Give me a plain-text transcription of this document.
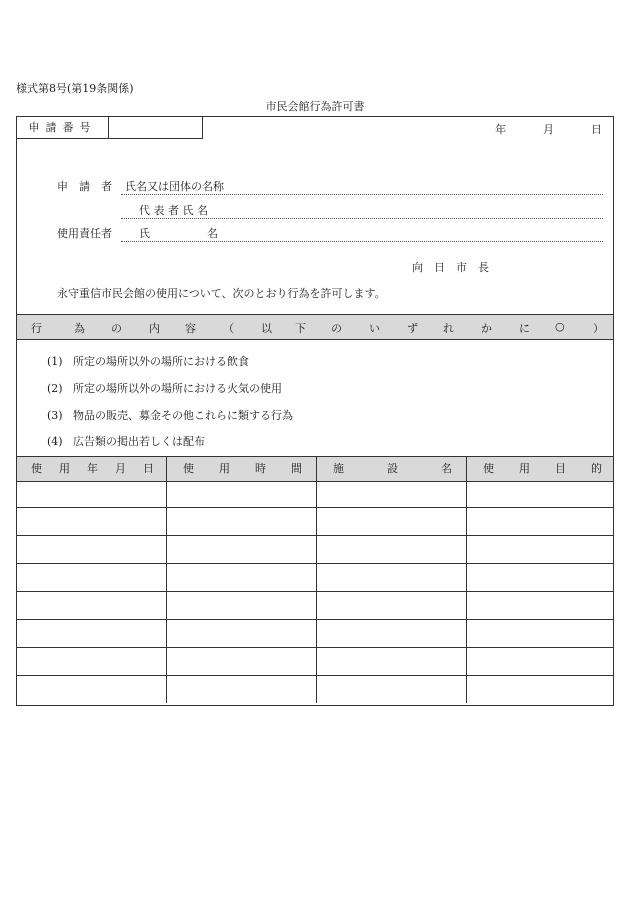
様式第8号(第19条関係)
市民会館行為許可書
申請番号	年	月	日
申　請　者 氏名又は団体の名称
代 表 者 氏 名
使用責任者 氏	名
向　日　市　長
永守重信市民会館の使用について、次のとおり行為を許可します。
行	為 の 内 容 （ 以 下 の い ず れ か に ○	）
(1) 所定の場所以外の場所における飲食
(2) 所定の場所以外の場所における火気の使用
(3) 物品の販売、募金その他これらに類する行為
(4) 広告類の掲出若しくは配布
使 用 年 月 日	使 用 時 間	施	設	名	使 用 目 的
